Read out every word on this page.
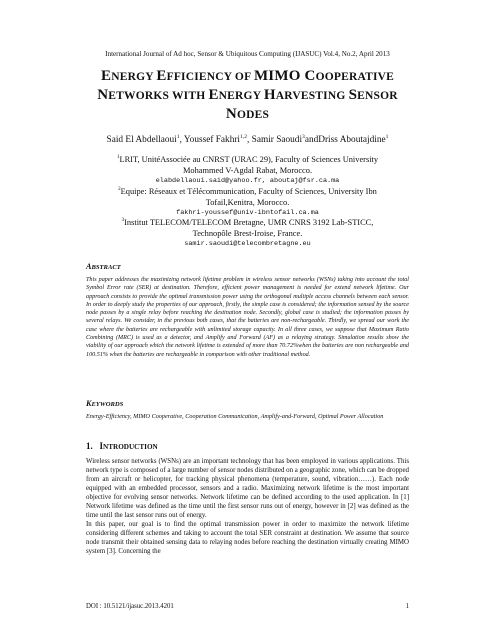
International Journal of Ad hoc, Sensor & Ubiquitous Computing (IJASUC) Vol.4, No.2, April 2013
ENERGY EFFICIENCY OF MIMO COOPERATIVE
NETWORKS WITH ENERGY HARVESTING SENSOR
NODES
Said El Abdellaoui$^1$, Youssef Fakhri$^{1,2}$, Samir Saoudi$^3$andDriss Aboutajdine$^1$
$^1$LRIT, UnitéAssociée au CNRST (URAC 29), Faculty of Sciences University
Mohammed V-Agdal Rabat, Morocco.
elabdellaoui.said@yahoo.fr, aboutaj@fsr.ca.ma
$^2$Equipe: Réseaux et Télécommunication, Faculty of Sciences, University Ibn
Tofail,Kenitra, Morocco.
fakhri-youssef@univ-ibntofail.ca.ma
$^3$Institut TELECOM/TELECOM Bretagne, UMR CNRS 3192 Lab-STICC,
Technopôle Brest-Iroise, France.
samir.saoudi@telecombretagne.eu
ABSTRACT
This paper addresses the maximizing network lifetime problem in wireless sensor networks (WSNs) taking into account the total Symbol Error rate (SER) at destination. Therefore, efficient power management is needed for extend network lifetime. Our approach consists to provide the optimal transmission power using the orthogonal multiple access channels between each sensor. In order to deeply study the properties of our approach, firstly, the simple case is considered; the information sensed by the source node passes by a single relay before reaching the destination node. Secondly, global case is studied; the information passes by several relays. We consider, in the previous both cases, that the batteries are non-rechargeable. Thirdly, we spread our work the case where the batteries are rechargeable with unlimited storage capacity. In all three cases, we suppose that Maximum Ratio Combining (MRC) is used as a detector, and Amplify and Forward (AF) as a relaying strategy. Simulation results show the viability of our approach which the network lifetime is extended of more than 70.72%when the batteries are non rechargeable and 100.51% when the batteries are rechargeable in comparison with other traditional method.
KEYWORDS
Energy-Efficiency, MIMO Cooperative, Cooperation Communication, Amplify-and-Forward, Optimal Power Allocation
1. INTRODUCTION

Wireless sensor networks (WSNs) are an important technology that has been employed in various applications. This network type is composed of a large number of sensor nodes distributed on a geographic zone, which can be dropped from an aircraft or helicopter, for tracking physical phenomena (temperature, sound, vibration……). Each node equipped with an embedded processor, sensors and a radio. Maximizing network lifetime is the most important objective for evolving sensor networks. Network lifetime can be defined according to the used application. In [1] Network lifetime was defined as the time until the first sensor runs out of energy, however in [2] was defined as the time until the last sensor runs out of energy.

In this paper, our goal is to find the optimal transmission power in order to maximize the network lifetime considering different schemes and taking to account the total SER constraint at destination. We assume that source node transmit their obtained sensing data to relaying nodes before reaching the destination virtually creating MIMO system [3]. Concerning the

DOI : 10.5121/ijasuc.2013.4201	1
